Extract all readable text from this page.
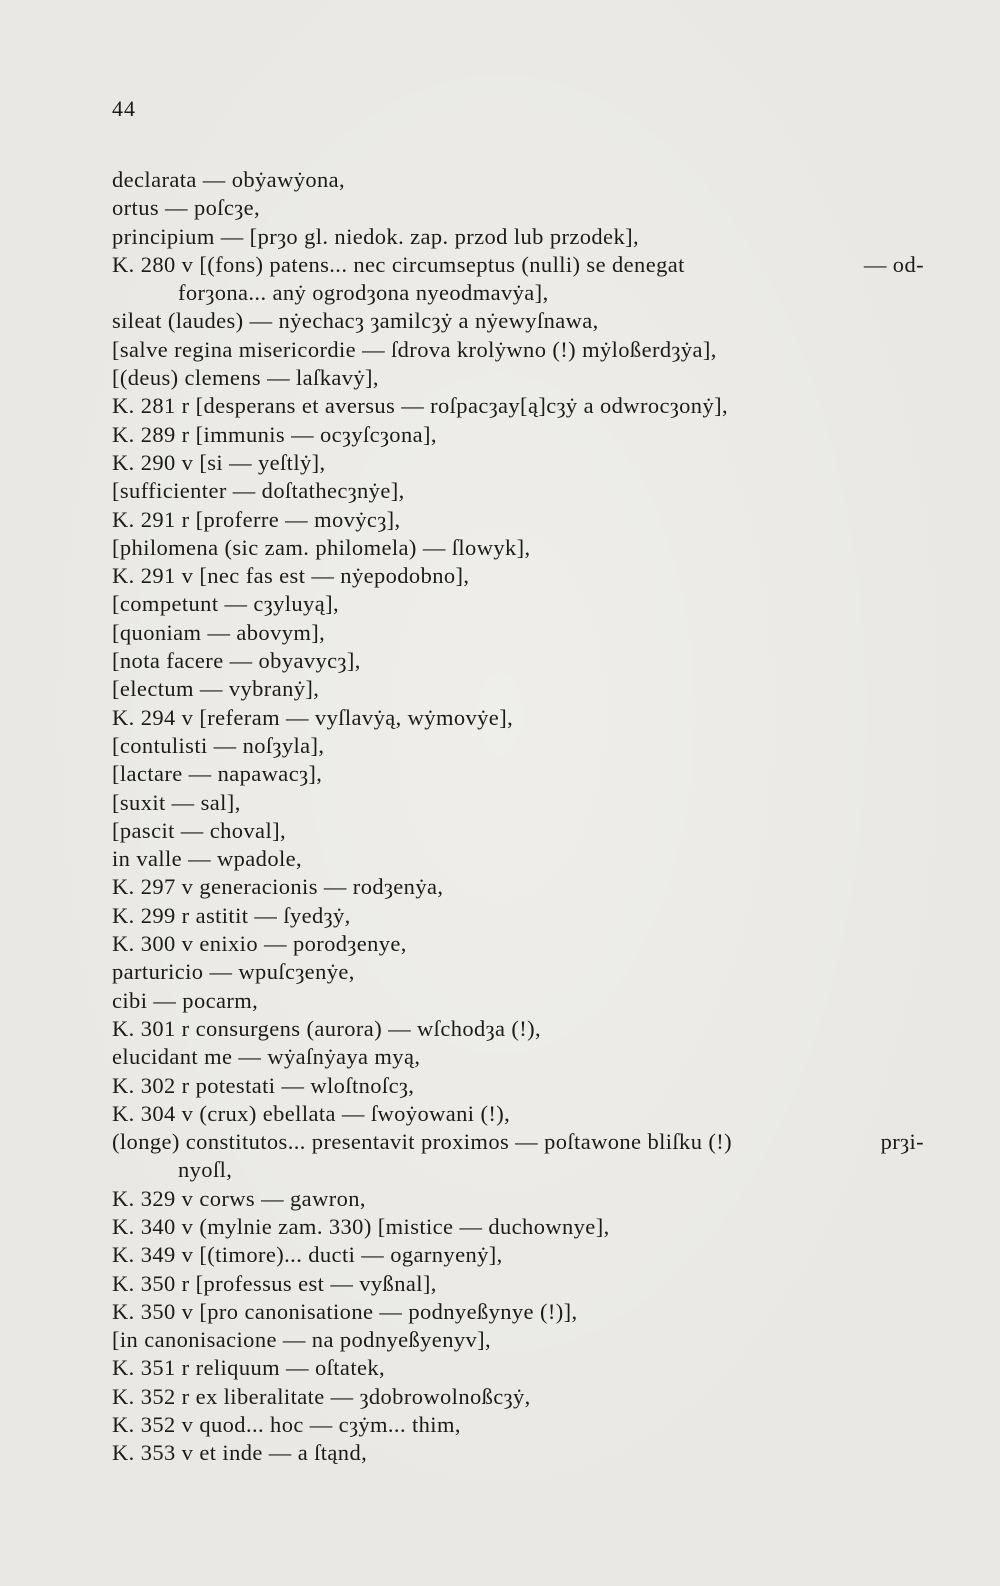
44
declarata — obẏawẏona,
ortus — poſcȝe,
principium — [prȝo gl. niedok. zap. przod lub przodek],
K. 280 v [(fons) patens... nec circumseptus (nulli) se denegat	— od-
forȝona... anẏ ogrodȝona nyeodmavẏa],
sileat (laudes) — nẏechacȝ ȝamilcȝẏ a nẏewyſnawa,
[salve regina misericordie — ſdrova krolẏwno (!) mẏloßerdȝẏa],
[(deus) clemens — laſkavẏ],
K. 281 r [desperans et aversus — roſpacȝay[ą]cȝẏ a odwrocȝonẏ],
K. 289 r [immunis — ocȝyſcȝona],
K. 290 v [si — yeſtlẏ],
[sufficienter — doſtathecȝnẏe],
K. 291 r [proferre — movẏcȝ],
[philomena (sic zam. philomela) — ſlowyk],
K. 291 v [nec fas est — nẏepodobno],
[competunt — cȝyluyą],
[quoniam — abovym],
[nota facere — obyavycȝ],
[electum — vybranẏ],
K. 294 v [referam — vyſlavẏą, wẏmovẏe],
[contulisti — noſȝyla],
[lactare — napawacȝ],
[suxit — sal],
[pascit — choval],
in valle — wpadole,
K. 297 v generacionis — rodȝenẏa,
K. 299 r astitit — ſyedȝẏ,
K. 300 v enixio — porodȝenye,
parturicio — wpuſcȝenẏe,
cibi — pocarm,
K. 301 r consurgens (aurora) — wſchodȝa (!),
elucidant me — wẏaſnẏaya myą,
K. 302 r potestati — wloſtnoſcȝ,
K. 304 v (crux) ebellata — ſwoẏowani (!),
(longe) constitutos... presentavit proximos — poſtawone bliſku (!)	prȝi-
nyoſl,
K. 329 v corws — gawron,
K. 340 v (mylnie zam. 330) [mistice — duchownye],
K. 349 v [(timore)... ducti — ogarnyenẏ],
K. 350 r [professus est — vyßnal],
K. 350 v [pro canonisatione — podnyeßynye (!)],
[in canonisacione — na podnyeßyenyv],
K. 351 r reliquum — oſtatek,
K. 352 r ex liberalitate — ȝdobrowolnoßcȝẏ,
K. 352 v quod... hoc — cȝẏm... thim,
K. 353 v et inde — a ſtąnd,
